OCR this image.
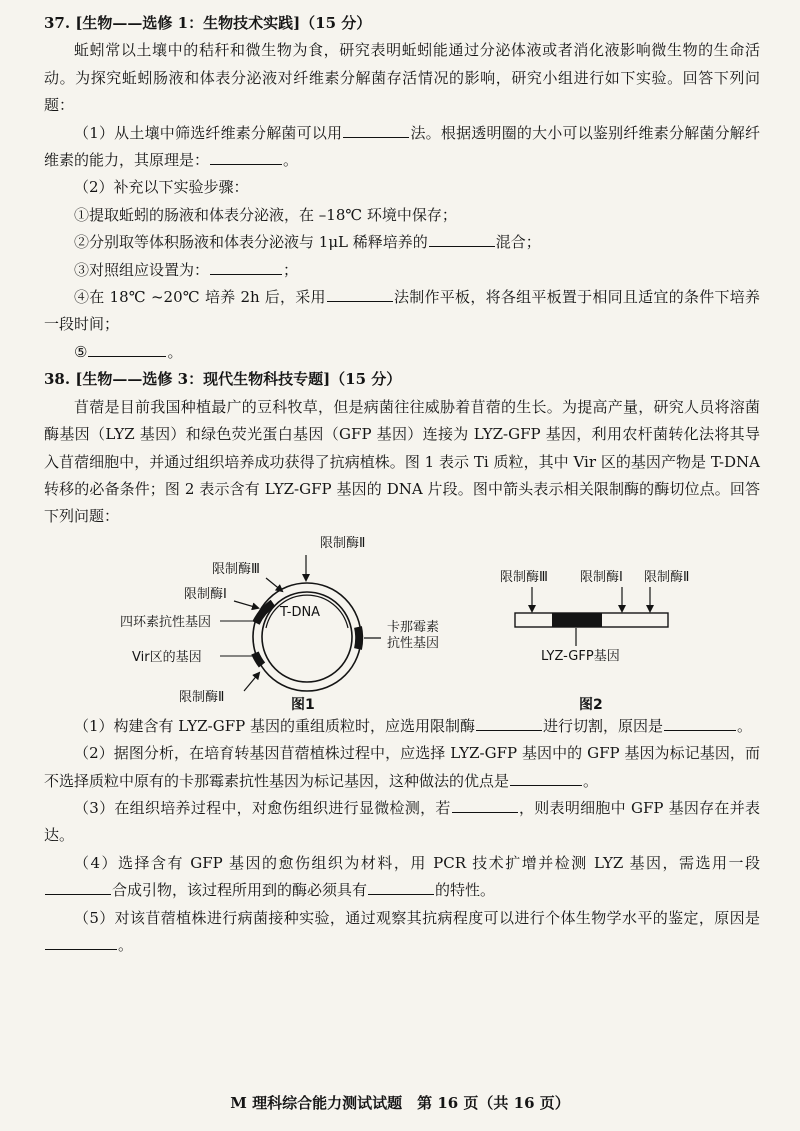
37. [生物——选修 1：生物技术实践]（15 分）

蚯蚓常以土壤中的秸秆和微生物为食，研究表明蚯蚓能通过分泌体液或者消化液影响微生物的生命活动。为探究蚯蚓肠液和体表分泌液对纤维素分解菌存活情况的影响，研究小组进行如下实验。回答下列问题：

（1）从土壤中筛选纤维素分解菌可以用	法。根据透明圈的大小可以鉴别纤维素分解菌分解纤维素的能力，其原理是：	。

（2）补充以下实验步骤：

①提取蚯蚓的肠液和体表分泌液，在 –18℃ 环境中保存；

②分别取等体积肠液和体表分泌液与 1μL 稀释培养的	混合；

③对照组应设置为：	；

④在 18℃ ~20℃ 培养 2h 后，采用	法制作平板，将各组平板置于相同且适宜的条件下培养一段时间；

⑤	。

38. [生物——选修 3：现代生物科技专题]（15 分）

苜蓿是目前我国种植最广的豆科牧草，但是病菌往往威胁着苜蓿的生长。为提高产量，研究人员将溶菌酶基因（LYZ 基因）和绿色荧光蛋白基因（GFP 基因）连接为 LYZ-GFP 基因，利用农杆菌转化法将其导入苜蓿细胞中，并通过组织培养成功获得了抗病植株。图 1 表示 Ti 质粒，其中 Vir 区的基因产物是 T-DNA 转移的必备条件；图 2 表示含有 LYZ-GFP 基因的 DNA 片段。图中箭头表示相关限制酶的酶切位点。回答下列问题：

限制酶Ⅱ
限制酶Ⅲ
限制酶Ⅰ
四环素抗性基因
T-DNA
卡那霉素
抗性基因
Vir区的基因
限制酶Ⅱ	图1
限制酶Ⅲ 限制酶Ⅰ 限制酶Ⅱ
LYZ-GFP基因
图2

（1）构建含有 LYZ-GFP 基因的重组质粒时，应选用限制酶	进行切割，原因是	。

（2）据图分析，在培育转基因苜蓿植株过程中，应选择 LYZ-GFP 基因中的 GFP 基因为标记基因，而不选择质粒中原有的卡那霉素抗性基因为标记基因，这种做法的优点是	。

（3）在组织培养过程中，对愈伤组织进行显微检测，若	，则表明细胞中 GFP 基因存在并表达。

（4）选择含有 GFP 基因的愈伤组织为材料，用 PCR 技术扩增并检测 LYZ 基因，需选用一段合成引物，该过程所用到的酶必须具有	的特性。

（5）对该苜蓿植株进行病菌接种实验，通过观察其抗病程度可以进行个体生物学水平的鉴定，原因是。

M 理科综合能力测试试题　第 16 页（共 16 页）
